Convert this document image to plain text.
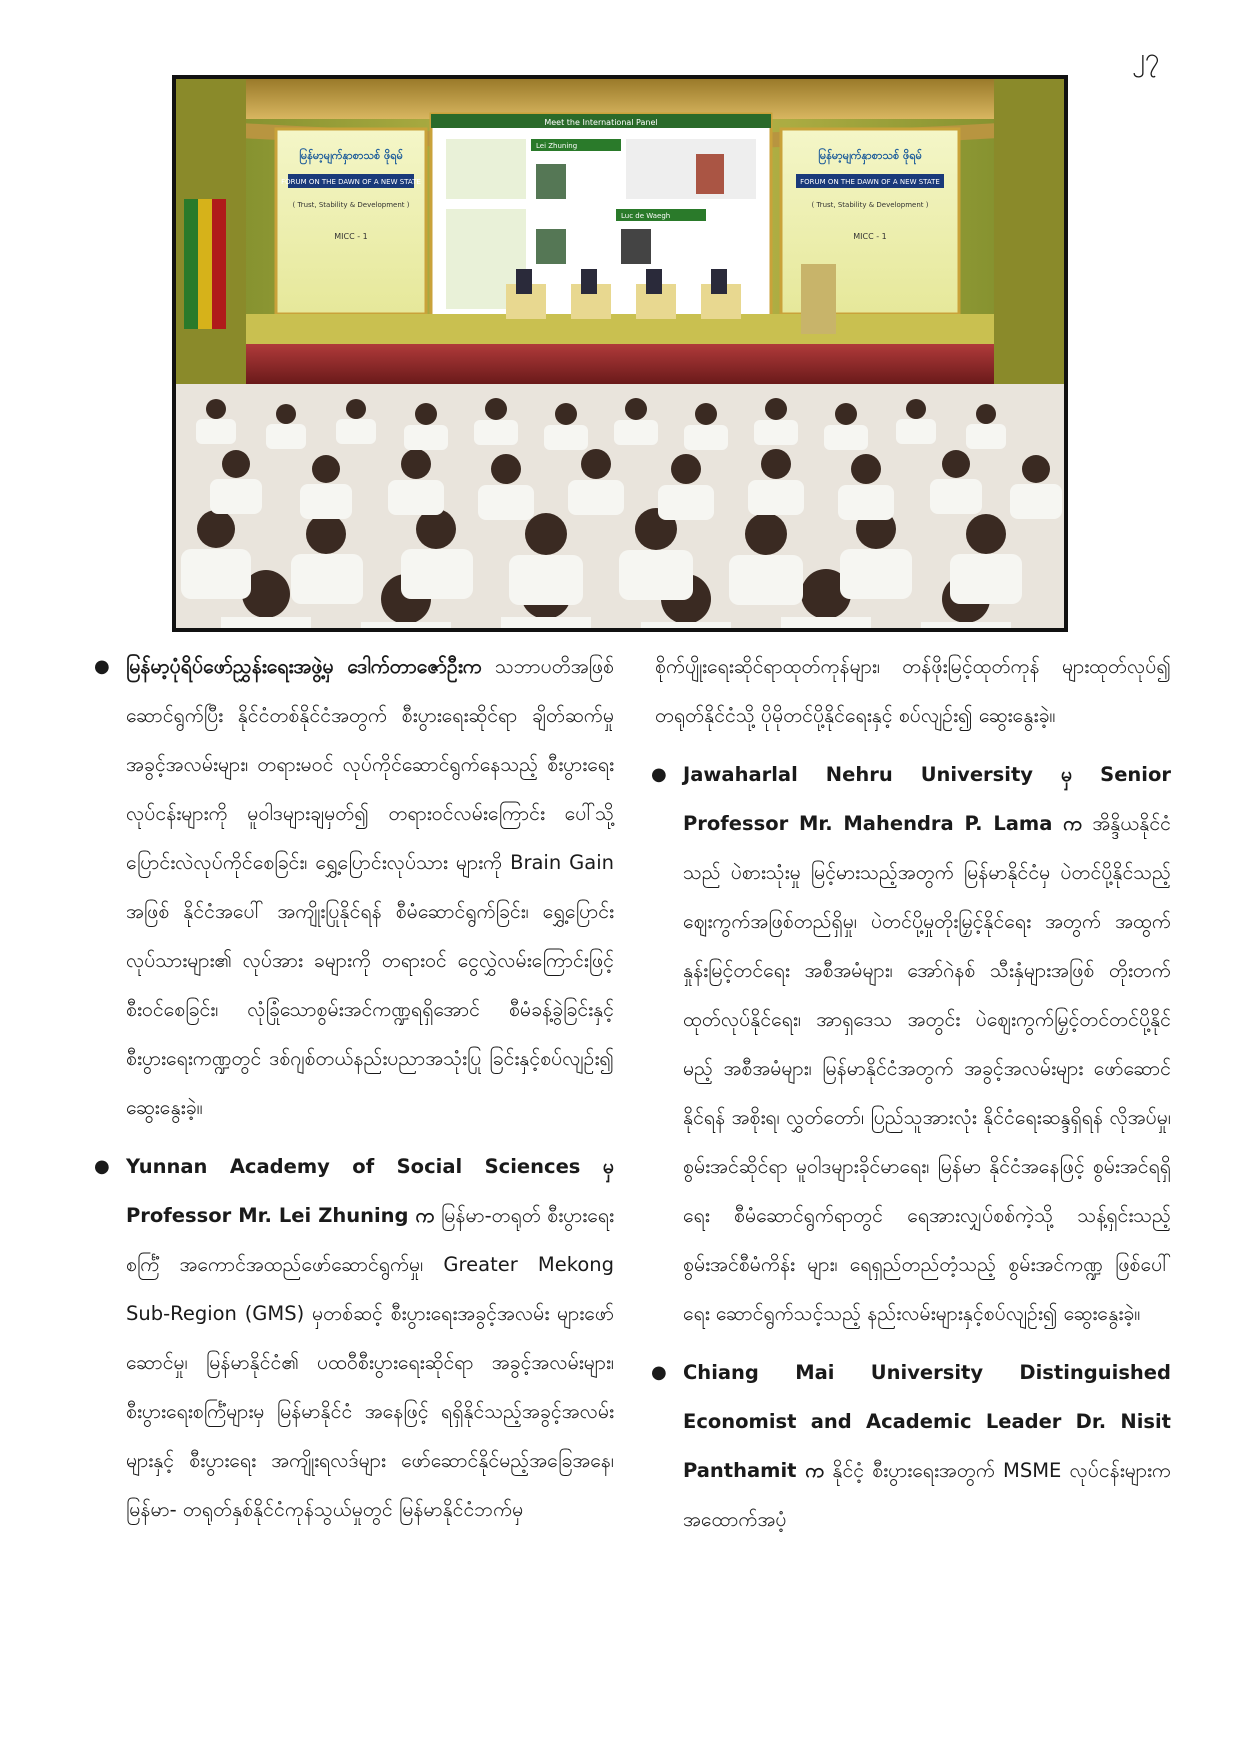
၂၇
မြန်မာ့မျက်နှာစာသစ် ဖိုရမ်
FORUM ON THE DAWN OF A NEW STATE
( Trust, Stability & Development )
MICC - 1
Meet the International Panel
Lei Zhuning
Luc de Waegh
မြန်မာ့မျက်နှာစာသစ် ဖိုရမ်
FORUM ON THE DAWN OF A NEW STATE
( Trust, Stability & Development )
MICC - 1

● မြန်မာ့ပုံရိပ်ဖော်ညွှန်းရေးအဖွဲ့မှ ဒေါက်တာဇော်ဦးက သဘာပတိအဖြစ် ဆောင်ရွက်ပြီး နိုင်ငံတစ်နိုင်ငံအတွက် စီးပွားရေးဆိုင်ရာ ချိတ်ဆက်မှုအခွင့်အလမ်းများ၊ တရားမဝင် လုပ်ကိုင်ဆောင်ရွက်နေသည့် စီးပွားရေး လုပ်ငန်းများကို မူဝါဒများချမှတ်၍ တရားဝင်လမ်းကြောင်း ပေါ်သို့ ပြောင်းလဲလုပ်ကိုင်စေခြင်း၊ ရွှေ့ပြောင်းလုပ်သား များကို Brain Gain အဖြစ် နိုင်ငံအပေါ် အကျိုးပြုနိုင်ရန် စီမံဆောင်ရွက်ခြင်း၊ ရွှေ့ပြောင်းလုပ်သားများ၏ လုပ်အား ခများကို တရားဝင် ငွေလွှဲလမ်းကြောင်းဖြင့် စီးဝင်စေခြင်း၊ လုံခြုံသောစွမ်းအင်ကဏ္ဍရရှိအောင် စီမံခန့်ခွဲခြင်းနှင့် စီးပွားရေးကဏ္ဍတွင် ဒစ်ဂျစ်တယ်နည်းပညာအသုံးပြု ခြင်းနှင့်စပ်လျဉ်း၍ ဆွေးနွေးခဲ့။

● Yunnan Academy of Social Sciences မှ Professor Mr. Lei Zhuning က မြန်မာ-တရုတ် စီးပွားရေးစင်္ကြံ အကောင်အထည်ဖော်ဆောင်ရွက်မှု၊ Greater Mekong Sub-Region (GMS) မှတစ်ဆင့် စီးပွားရေးအခွင့်အလမ်း များဖော်ဆောင်မှု၊ မြန်မာနိုင်ငံ၏ ပထဝီစီးပွားရေးဆိုင်ရာ အခွင့်အလမ်းများ၊ စီးပွားရေးစင်္ကြံများမှ မြန်မာနိုင်ငံ အနေဖြင့် ရရှိနိုင်သည့်အခွင့်အလမ်းများနှင့် စီးပွားရေး အကျိုးရလဒ်များ ဖော်ဆောင်နိုင်မည့်အခြေအနေ၊ မြန်မာ- တရုတ်နှစ်နိုင်ငံကုန်သွယ်မှုတွင် မြန်မာနိုင်ငံဘက်မှ

စိုက်ပျိုးရေးဆိုင်ရာထုတ်ကုန်များ၊ တန်ဖိုးမြင့်ထုတ်ကုန် များထုတ်လုပ်၍ တရုတ်နိုင်ငံသို့ ပိုမိုတင်ပို့နိုင်ရေးနှင့် စပ်လျဉ်း၍ ဆွေးနွေးခဲ့။

● Jawaharlal Nehru University မှ Senior Professor Mr. Mahendra P. Lama က အိန္ဒိယနိုင်ငံသည် ပဲစားသုံးမှု မြင့်မားသည့်အတွက် မြန်မာနိုင်ငံမှ ပဲတင်ပို့နိုင်သည့် ဈေးကွက်အဖြစ်တည်ရှိမှု၊ ပဲတင်ပို့မှုတိုးမြှင့်နိုင်ရေး အတွက် အထွက်နှုန်းမြင့်တင်ရေး အစီအမံများ၊ အော်ဂဲနစ် သီးနှံများအဖြစ် တိုးတက်ထုတ်လုပ်နိုင်ရေး၊ အာရှဒေသ အတွင်း ပဲဈေးကွက်မြှင့်တင်တင်ပို့နိုင်မည့် အစီအမံများ၊ မြန်မာနိုင်ငံအတွက် အခွင့်အလမ်းများ ဖော်ဆောင်နိုင်ရန် အစိုးရ၊ လွှတ်တော်၊ ပြည်သူအားလုံး နိုင်ငံရေးဆန္ဒရှိရန် လိုအပ်မှု၊ စွမ်းအင်ဆိုင်ရာ မူဝါဒများခိုင်မာရေး၊ မြန်မာ နိုင်ငံအနေဖြင့် စွမ်းအင်ရရှိရေး စီမံဆောင်ရွက်ရာတွင် ရေအားလျှပ်စစ်ကဲ့သို့ သန့်ရှင်းသည့် စွမ်းအင်စီမံကိန်း များ၊ ရေရှည်တည်တံ့သည့် စွမ်းအင်ကဏ္ဍ ဖြစ်ပေါ်ရေး ဆောင်ရွက်သင့်သည့် နည်းလမ်းများနှင့်စပ်လျဉ်း၍ ဆွေးနွေးခဲ့။

● Chiang Mai University Distinguished Economist and Academic Leader Dr. Nisit Panthamit က နိုင်ငံ့ စီးပွားရေးအတွက် MSME လုပ်ငန်းများက အထောက်အပံ့
